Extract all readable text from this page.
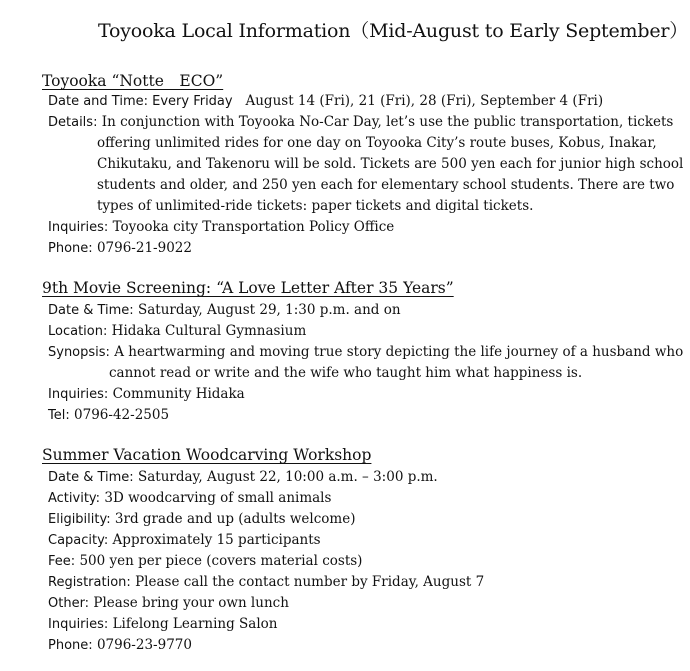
Toyooka Local Information（Mid-August to Early September）
Toyooka “Notte　ECO”
Date and Time: Every Friday August 14 (Fri), 21 (Fri), 28 (Fri), September 4 (Fri)
Details: In conjunction with Toyooka No-Car Day, let’s use the public transportation, tickets
offering unlimited rides for one day on Toyooka City’s route buses, Kobus, Inakar,
Chikutaku, and Takenoru will be sold. Tickets are 500 yen each for junior high school
students and older, and 250 yen each for elementary school students. There are two
types of unlimited-ride tickets: paper tickets and digital tickets.
Inquiries: Toyooka city Transportation Policy Office
Phone: 0796-21-9022
9th Movie Screening: “A Love Letter After 35 Years”
Date & Time: Saturday, August 29, 1:30 p.m. and on
Location: Hidaka Cultural Gymnasium
Synopsis: A heartwarming and moving true story depicting the life journey of a husband who
cannot read or write and the wife who taught him what happiness is.
Inquiries: Community Hidaka
Tel: 0796-42-2505
Summer Vacation Woodcarving Workshop
Date & Time: Saturday, August 22, 10:00 a.m. – 3:00 p.m.
Activity: 3D woodcarving of small animals
Eligibility: 3rd grade and up (adults welcome)
Capacity: Approximately 15 participants
Fee: 500 yen per piece (covers material costs)
Registration: Please call the contact number by Friday, August 7
Other: Please bring your own lunch
Inquiries: Lifelong Learning Salon
Phone: 0796-23-9770
